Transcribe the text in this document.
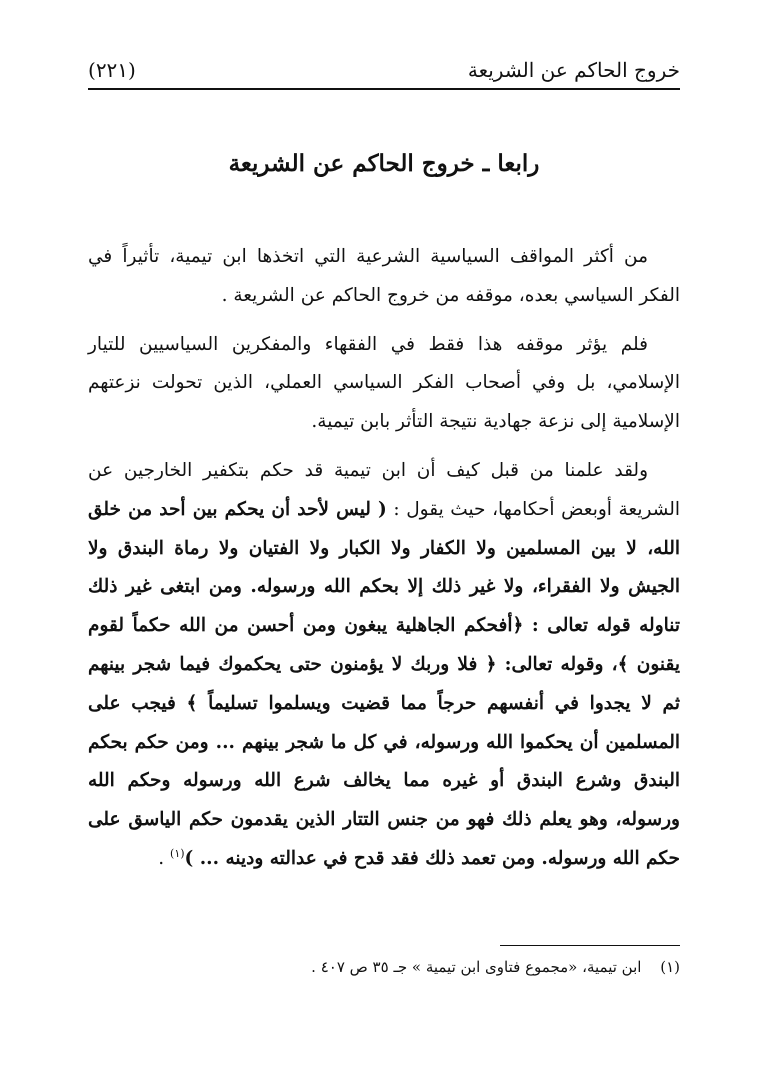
خروج الحاكم عن الشريعة
(٢٢١)
رابعا ـ خروج الحاكم عن الشريعة

من أكثر المواقف السياسية الشرعية التي اتخذها ابن تيمية، تأثيراً في الفكر السياسي بعده، موقفه من خروج الحاكم عن الشريعة .

فلم يؤثر موقفه هذا فقط في الفقهاء والمفكرين السياسيين للتيار الإسلامي، بل وفي أصحاب الفكر السياسي العملي، الذين تحولت نزعتهم الإسلامية إلى نزعة جهادية نتيجة التأثر بابن تيمية.

ولقد علمنا من قبل كيف أن ابن تيمية قد حكم بتكفير الخارجين عن الشريعة أوبعض أحكامها، حيث يقول : ( ليس لأحد أن يحكم بين أحد من خلق الله، لا بين المسلمين ولا الكفار ولا الكبار ولا الفتيان ولا رماة البندق ولا الجيش ولا الفقراء، ولا غير ذلك إلا بحكم الله ورسوله. ومن ابتغى غير ذلك تناوله قوله تعالى : ﴿أفحكم الجاهلية يبغون ومن أحسن من الله حكماً لقوم يقنون ﴾، وقوله تعالى: ﴿ فلا وربك لا يؤمنون حتى يحكموك فيما شجر بينهم ثم لا يجدوا في أنفسهم حرجاً مما قضيت ويسلموا تسليماً ﴾ فيجب على المسلمين أن يحكموا الله ورسوله، في كل ما شجر بينهم ... ومن حكم بحكم البندق وشرع البندق أو غيره مما يخالف شرع الله ورسوله وحكم الله ورسوله، وهو يعلم ذلك فهو من جنس التتار الذين يقدمون حكم الياسق على حكم الله ورسوله. ومن تعمد ذلك فقد قدح في عدالته ودينه ... )$^{(١)}$ .

(١) ابن تيمية، «مجموع فتاوى ابن تيمية » جـ ٣٥ ص ٤٠٧ .
